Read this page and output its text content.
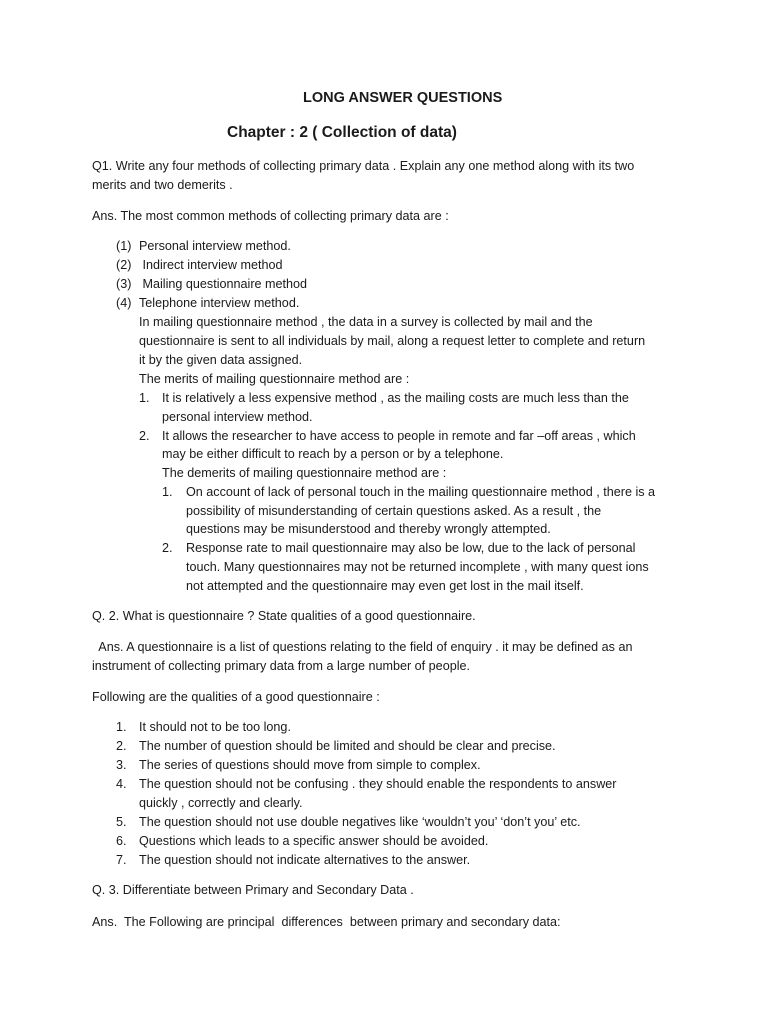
LONG ANSWER QUESTIONS
Chapter : 2 ( Collection of data)
Q1. Write any four methods of collecting primary data . Explain any one method along with its two
merits and two demerits .
Ans. The most common methods of collecting primary data are :
(1) Personal interview method.
(2) Indirect interview method
(3) Mailing questionnaire method
(4) Telephone interview method.
In mailing questionnaire method , the data in a survey is collected by mail and the
questionnaire is sent to all individuals by mail, along a request letter to complete and return
it by the given data assigned.
The merits of mailing questionnaire method are :
1. It is relatively a less expensive method , as the mailing costs are much less than the
personal interview method.
2. It allows the researcher to have access to people in remote and far –off areas , which
may be either difficult to reach by a person or by a telephone.
The demerits of mailing questionnaire method are :
1. On account of lack of personal touch in the mailing questionnaire method , there is a
possibility of misunderstanding of certain questions asked. As a result , the
questions may be misunderstood and thereby wrongly attempted.
2. Response rate to mail questionnaire may also be low, due to the lack of personal
touch. Many questionnaires may not be returned incomplete , with many quest ions
not attempted and the questionnaire may even get lost in the mail itself.
Q. 2. What is questionnaire ? State qualities of a good questionnaire.
Ans. A questionnaire is a list of questions relating to the field of enquiry . it may be defined as an
instrument of collecting primary data from a large number of people.
Following are the qualities of a good questionnaire :
1. It should not to be too long.
2. The number of question should be limited and should be clear and precise.
3. The series of questions should move from simple to complex.
4. The question should not be confusing . they should enable the respondents to answer
quickly , correctly and clearly.
5. The question should not use double negatives like ‘wouldn’t you’ ‘don’t you’ etc.
6. Questions which leads to a specific answer should be avoided.
7. The question should not indicate alternatives to the answer.
Q. 3. Differentiate between Primary and Secondary Data .
Ans.  The Following are principal  differences  between primary and secondary data:
